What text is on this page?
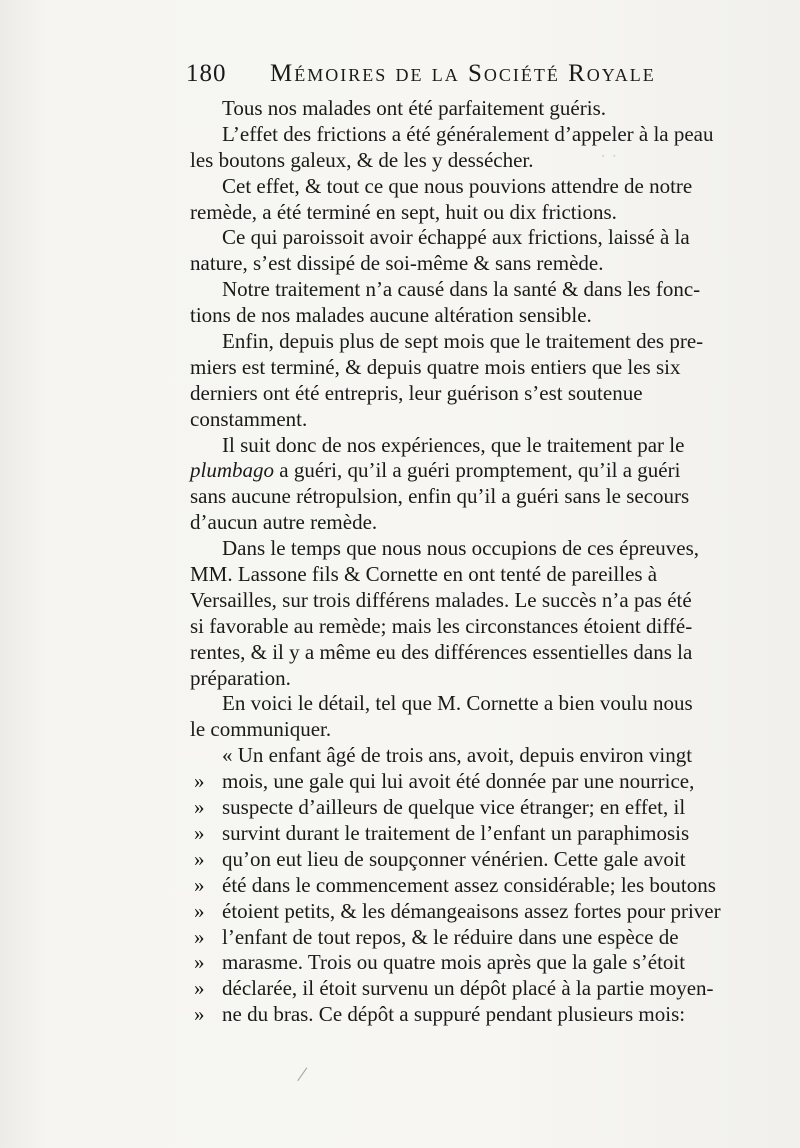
· ·
180 Mémoires de la Société Royale
Tous nos malades ont été parfaitement guéris.
L’effet des frictions a été généralement d’appeler à la peau
les boutons galeux, & de les y dessécher.
Cet effet, & tout ce que nous pouvions attendre de notre
remède, a été terminé en sept, huit ou dix frictions.
Ce qui paroissoit avoir échappé aux frictions, laissé à la
nature, s’est dissipé de soi-même & sans remède.
Notre traitement n’a causé dans la santé & dans les fonc-
tions de nos malades aucune altération sensible.
Enfin, depuis plus de sept mois que le traitement des pre-
miers est terminé, & depuis quatre mois entiers que les six
derniers ont été entrepris, leur guérison s’est soutenue
constamment.
Il suit donc de nos expériences, que le traitement par le
plumbago a guéri, qu’il a guéri promptement, qu’il a guéri
sans aucune rétropulsion, enfin qu’il a guéri sans le secours
d’aucun autre remède.
Dans le temps que nous nous occupions de ces épreuves,
MM. Lassone fils & Cornette en ont tenté de pareilles à
Versailles, sur trois différens malades. Le succès n’a pas été
si favorable au remède; mais les circonstances étoient diffé-
rentes, & il y a même eu des différences essentielles dans la
préparation.
En voici le détail, tel que M. Cornette a bien voulu nous
le communiquer.
« Un enfant âgé de trois ans, avoit, depuis environ vingt
» mois, une gale qui lui avoit été donnée par une nourrice,
» suspecte d’ailleurs de quelque vice étranger; en effet, il
» survint durant le traitement de l’enfant un paraphimosis
» qu’on eut lieu de soupçonner vénérien. Cette gale avoit
» été dans le commencement assez considérable; les boutons
» étoient petits, & les démangeaisons assez fortes pour priver
» l’enfant de tout repos, & le réduire dans une espèce de
» marasme. Trois ou quatre mois après que la gale s’étoit
» déclarée, il étoit survenu un dépôt placé à la partie moyen-
» ne du bras. Ce dépôt a suppuré pendant plusieurs mois:
